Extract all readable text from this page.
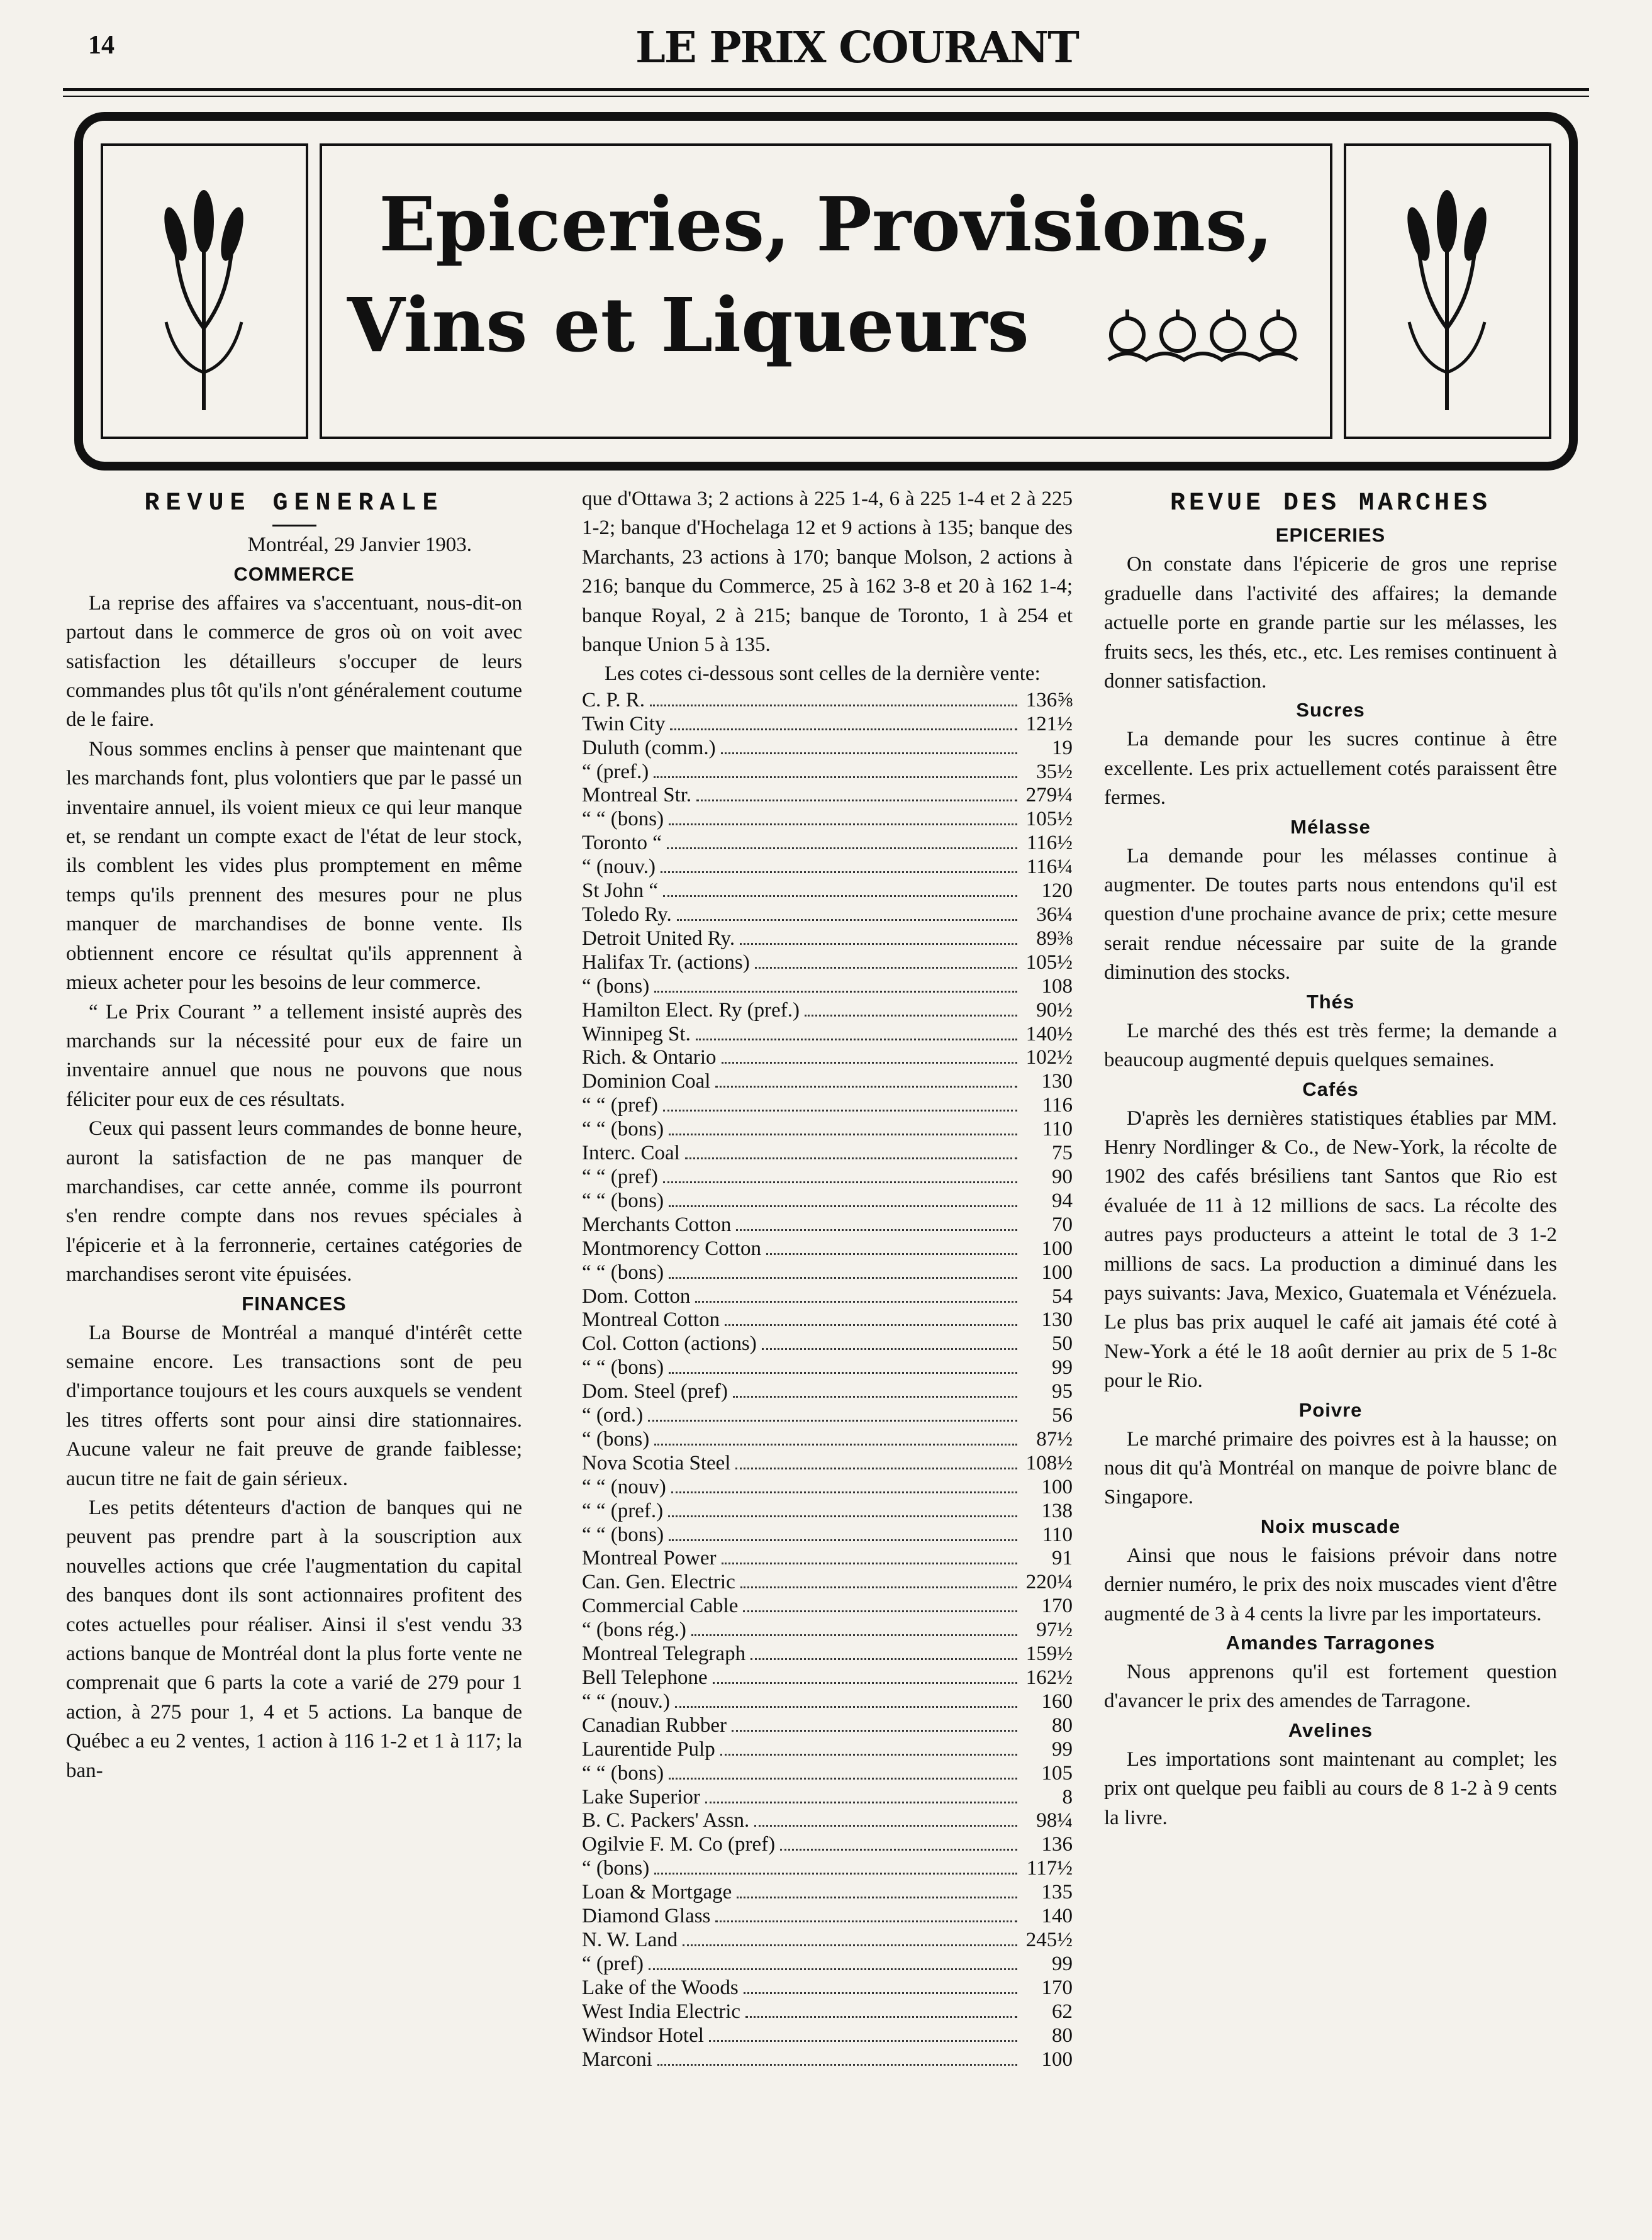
14	LE PRIX COURANT
Epiceries, Provisions,
Vins et Liqueurs
REVUE GENERALE
Montréal, 29 Janvier 1903.
COMMERCE

La reprise des affaires va s'accentuant, nous-dit-on partout dans le commerce de gros où on voit avec satisfaction les détailleurs s'occuper de leurs commandes plus tôt qu'ils n'ont généralement coutume de le faire.

Nous sommes enclins à penser que maintenant que les marchands font, plus volontiers que par le passé un inventaire annuel, ils voient mieux ce qui leur manque et, se rendant un compte exact de l'état de leur stock, ils comblent les vides plus promptement en même temps qu'ils prennent des mesures pour ne plus manquer de marchandises de bonne vente. Ils obtiennent encore ce résultat qu'ils apprennent à mieux acheter pour les besoins de leur commerce.

“ Le Prix Courant ” a tellement insisté auprès des marchands sur la nécessité pour eux de faire un inventaire annuel que nous ne pouvons que nous féliciter pour eux de ces résultats.

Ceux qui passent leurs commandes de bonne heure, auront la satisfaction de ne pas manquer de marchandises, car cette année, comme ils pourront s'en rendre compte dans nos revues spéciales à l'épicerie et à la ferronnerie, certaines catégories de marchandises seront vite épuisées.

FINANCES

La Bourse de Montréal a manqué d'intérêt cette semaine encore. Les transactions sont de peu d'importance toujours et les cours auxquels se vendent les titres offerts sont pour ainsi dire stationnaires. Aucune valeur ne fait preuve de grande faiblesse; aucun titre ne fait de gain sérieux.

Les petits détenteurs d'action de banques qui ne peuvent pas prendre part à la souscription aux nouvelles actions que crée l'augmentation du capital des banques dont ils sont actionnaires profitent des cotes actuelles pour réaliser. Ainsi il s'est vendu 33 actions banque de Montréal dont la plus forte vente ne comprenait que 6 parts la cote a varié de 279 pour 1 action, à 275 pour 1, 4 et 5 actions. La banque de Québec a eu 2 ventes, 1 action à 116 1-2 et 1 à 117; la ban-

que d'Ottawa 3; 2 actions à 225 1-4, 6 à 225 1-4 et 2 à 225 1-2; banque d'Hochelaga 12 et 9 actions à 135; banque des Marchants, 23 actions à 170; banque Molson, 2 actions à 216; banque du Commerce, 25 à 162 3-8 et 20 à 162 1-4; banque Royal, 2 à 215; banque de Toronto, 1 à 254 et banque Union 5 à 135.

Les cotes ci-dessous sont celles de la dernière vente:

C. P. R.	136⅝
Twin City	121½
Duluth (comm.)	19
“ (pref.)	35½
Montreal Str.	279¼
“ “ (bons)	105½
Toronto “	116½
“ (nouv.)	116¼
St John “	120
Toledo Ry.	36¼
Detroit United Ry.	89⅜
Halifax Tr. (actions)	105½
“ (bons)	108
Hamilton Elect. Ry (pref.)	90½
Winnipeg St.	140½
Rich. & Ontario	102½
Dominion Coal	130
“ “ (pref)	116
“ “ (bons)	110
Interc. Coal	75
“ “ (pref)	90
“ “ (bons)	94
Merchants Cotton	70
Montmorency Cotton	100
“ “ (bons)	100
Dom. Cotton	54
Montreal Cotton	130
Col. Cotton (actions)	50
“ “ (bons)	99
Dom. Steel (pref)	95
“ (ord.)	56
“ (bons)	87½
Nova Scotia Steel	108½
“ “ (nouv)	100
“ “ (pref.)	138
“ “ (bons)	110
Montreal Power	91
Can. Gen. Electric	220¼
Commercial Cable	170
“ (bons rég.)	97½
Montreal Telegraph	159½
Bell Telephone	162½
“ “ (nouv.)	160
Canadian Rubber	80
Laurentide Pulp	99
“ “ (bons)	105
Lake Superior	8
B. C. Packers' Assn.	98¼
Ogilvie F. M. Co (pref)	136
“ (bons)	117½
Loan & Mortgage	135
Diamond Glass	140
N. W. Land	245½
“ (pref)	99
Lake of the Woods	170
West India Electric	62
Windsor Hotel	80
Marconi	100
REVUE DES MARCHES
EPICERIES

On constate dans l'épicerie de gros une reprise graduelle dans l'activité des affaires; la demande actuelle porte en grande partie sur les mélasses, les fruits secs, les thés, etc., etc. Les remises continuent à donner satisfaction.

Sucres

La demande pour les sucres continue à être excellente. Les prix actuellement cotés paraissent être fermes.

Mélasse

La demande pour les mélasses continue à augmenter. De toutes parts nous entendons qu'il est question d'une prochaine avance de prix; cette mesure serait rendue nécessaire par suite de la grande diminution des stocks.

Thés

Le marché des thés est très ferme; la demande a beaucoup augmenté depuis quelques semaines.

Cafés

D'après les dernières statistiques établies par MM. Henry Nordlinger & Co., de New-York, la récolte de 1902 des cafés brésiliens tant Santos que Rio est évaluée de 11 à 12 millions de sacs. La récolte des autres pays producteurs a atteint le total de 3 1-2 millions de sacs. La production a diminué dans les pays suivants: Java, Mexico, Guatemala et Vénézuela. Le plus bas prix auquel le café ait jamais été coté à New-York a été le 18 août dernier au prix de 5 1-8c pour le Rio.

Poivre

Le marché primaire des poivres est à la hausse; on nous dit qu'à Montréal on manque de poivre blanc de Singapore.

Noix muscade

Ainsi que nous le faisions prévoir dans notre dernier numéro, le prix des noix muscades vient d'être augmenté de 3 à 4 cents la livre par les importateurs.

Amandes Tarragones

Nous apprenons qu'il est fortement question d'avancer le prix des amendes de Tarragone.

Avelines

Les importations sont maintenant au complet; les prix ont quelque peu faibli au cours de 8 1-2 à 9 cents la livre.
